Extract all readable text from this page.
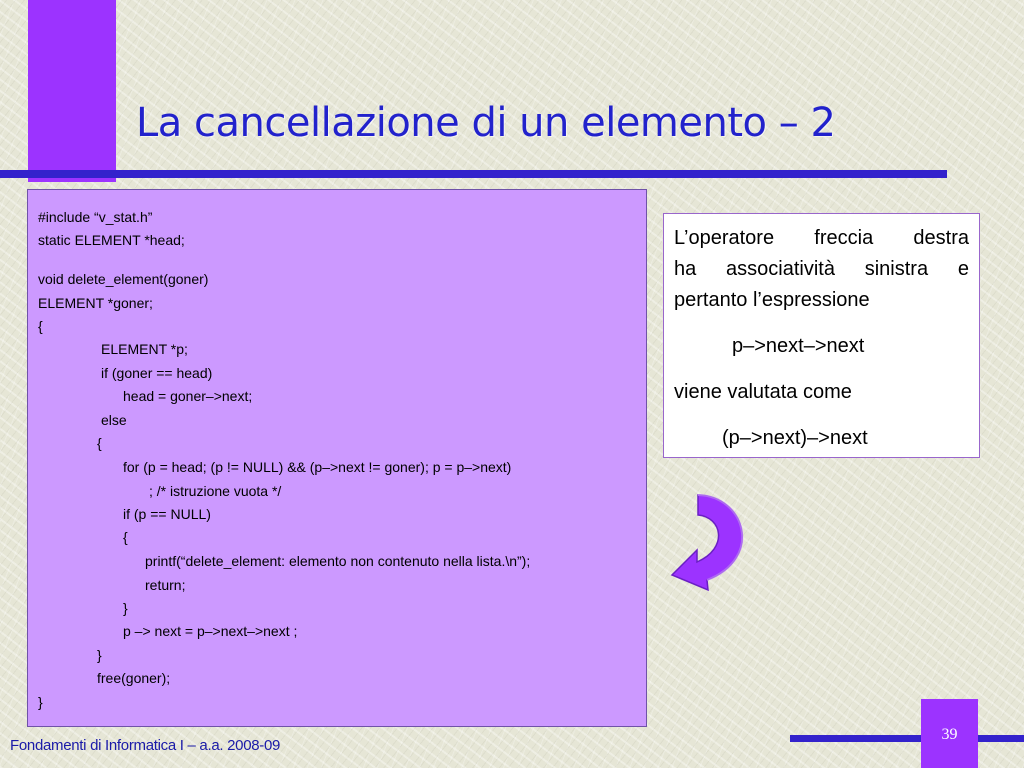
La cancellazione di un elemento – 2
#include “v_stat.h”
static ELEMENT *head;
void delete_element(goner)
ELEMENT *goner;
{
ELEMENT *p;
if (goner == head)
head = goner–>next;
else
{
for (p = head; (p != NULL) && (p–>next != goner); p = p–>next)
; /* istruzione vuota */
if (p == NULL)
{
printf(“delete_element: elemento non contenuto nella lista.\n”);
return;
}
p –> next = p–>next–>next ;
}
free(goner);
}
L’operatore freccia destra
ha associatività sinistra e
pertanto l’espressione
p–>next–>next
viene valutata come
(p–>next)–>next
39
Fondamenti di Informatica I – a.a. 2008-09
